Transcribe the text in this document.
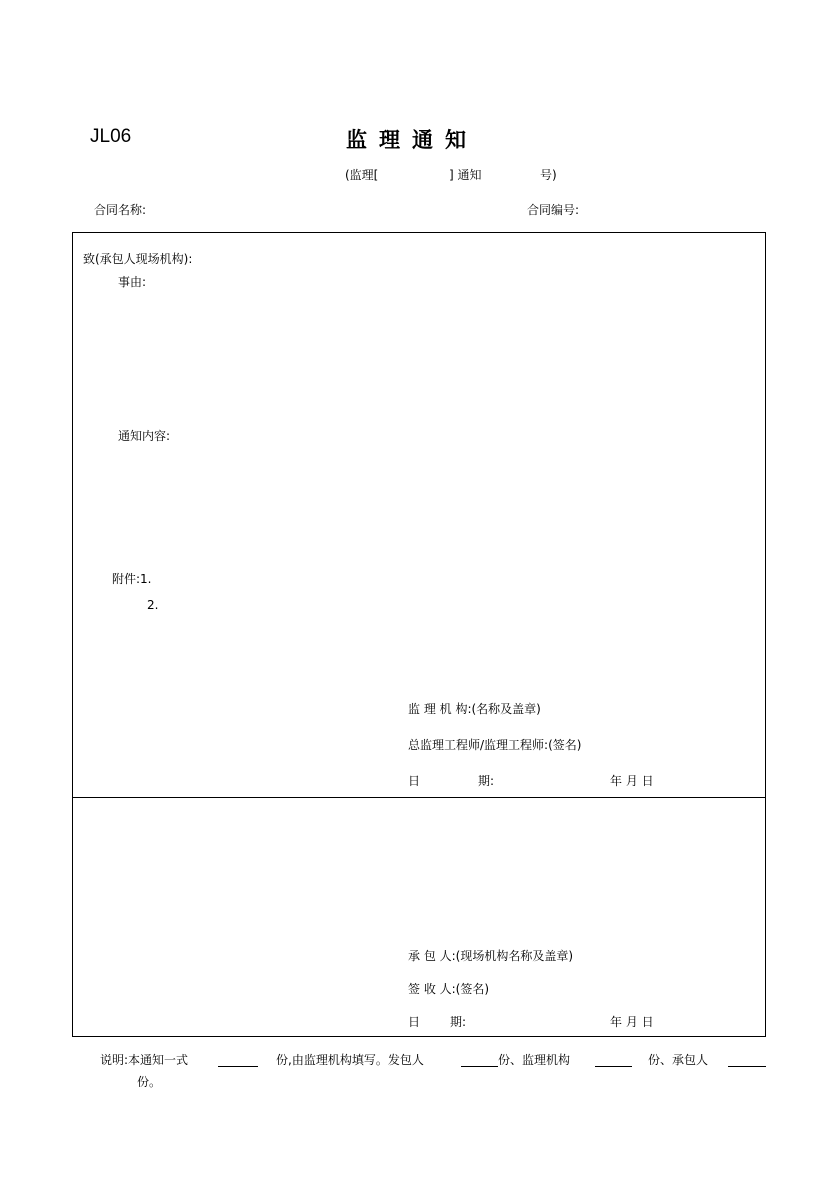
JL06	监理通知
(监理[	] 通知	号)
合同名称:	合同编号:
致(承包人现场机构):
事由:
通知内容:
附件:1.
2.
监 理 机 构:(名称及盖章)
总监理工程师/监理工程师:(签名)
日	期:	年 月 日
承 包 人:(现场机构名称及盖章)
签 收 人:(签名)
日 期:	年 月 日
说明:本通知一式	份,由监理机构填写。发包人	份、监理机构	份、承包人
份。
